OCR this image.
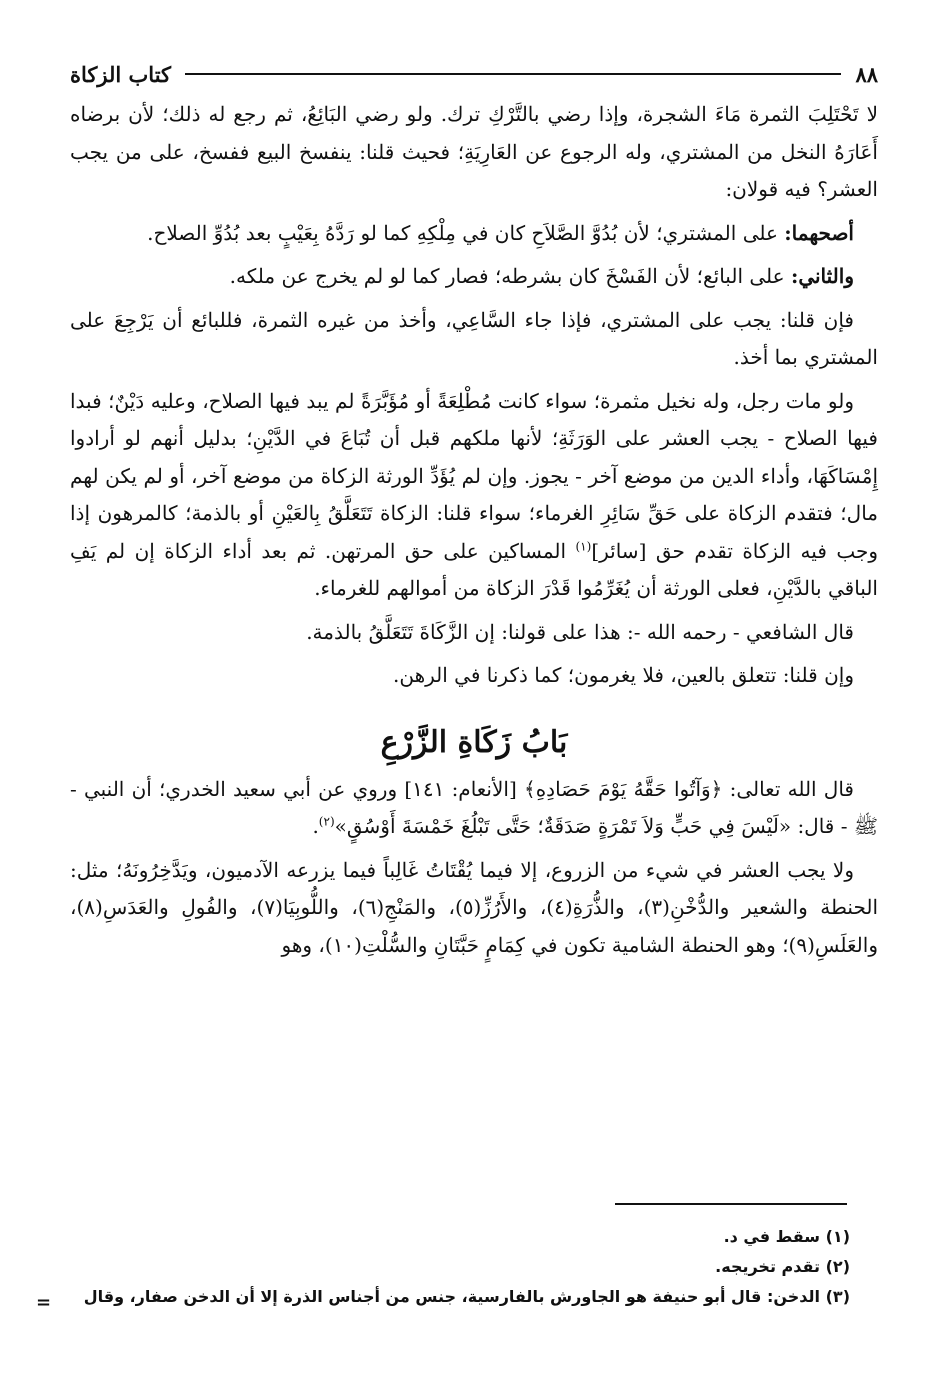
٨٨
كتاب الزكاة

لا تَحْتَلِبَ الثمرة مَاءَ الشجرة، وإذا رضي بالتَّرْكِ ترك. ولو رضي البَائِعُ، ثم رجع له ذلك؛ لأن برضاه أَعَارَهُ النخل من المشتري، وله الرجوع عن العَارِيَةِ؛ فحيث قلنا: ينفسخ البيع ففسخ، على من يجب العشر؟ فيه قولان:

أصحهما: على المشتري؛ لأن بُدُوَّ الصَّلاَحِ كان في مِلْكِهِ كما لو رَدَّهُ بِعَيْبٍ بعد بُدُوِّ الصلاح.

والثاني: على البائع؛ لأن الفَسْخَ كان بشرطه؛ فصار كما لو لم يخرج عن ملكه.

فإن قلنا: يجب على المشتري، فإذا جاء السَّاعِي، وأخذ من غيره الثمرة، فللبائع أن يَرْجِعَ على المشتري بما أخذ.

ولو مات رجل، وله نخيل مثمرة؛ سواء كانت مُطْلِعَةً أو مُؤَبَّرَةً لم يبد فيها الصلاح، وعليه دَيْنٌ؛ فبدا فيها الصلاح - يجب العشر على الوَرَثَةِ؛ لأنها ملكهم قبل أن تُبَاعَ في الدَّيْنِ؛ بدليل أنهم لو أرادوا إِمْسَاكَهَا، وأداء الدين من موضع آخر - يجوز. وإن لم يُؤَدِّ الورثة الزكاة من موضع آخر، أو لم يكن لهم مال؛ فتقدم الزكاة على حَقِّ سَائِرِ الغرماء؛ سواء قلنا: الزكاة تَتَعَلَّقُ بِالعَيْنِ أو بالذمة؛ كالمرهون إذا وجب فيه الزكاة تقدم حق [سائر]$^{(١)}$ المساكين على حق المرتهن. ثم بعد أداء الزكاة إن لم يَفِ الباقي بالدَّيْنِ، فعلى الورثة أن يُغَرِّمُوا قَدْرَ الزكاة من أموالهم للغرماء.

قال الشافعي - رحمه الله -: هذا على قولنا: إن الزَّكَاةَ تَتَعَلَّقُ بالذمة.

وإن قلنا: تتعلق بالعين، فلا يغرمون؛ كما ذكرنا في الرهن.

بَابُ زَكَاةِ الزَّرْعِ

قال الله تعالى: ﴿وَآتُوا حَقَّهُ يَوْمَ حَصَادِهِ﴾ [الأنعام: ١٤١] وروي عن أبي سعيد الخدري؛ أن النبي - ﷺ - قال: «لَيْسَ فِي حَبٍّ وَلاَ تَمْرَةٍ صَدَقَةٌ؛ حَتَّى تَبْلُغَ خَمْسَةَ أَوْسُقٍ»$^{(٢)}$.

ولا يجب العشر في شيء من الزروع، إلا فيما يُقْتَاتُ غَالِباً فيما يزرعه الآدميون، ويَدَّخِرُونَهُ؛ مثل: الحنطة والشعير والدُّخْنِ(٣)، والذُّرَةِ(٤)، والأَرُزِّ(٥)، والمَنْجِ(٦)، واللُّوبِيَا(٧)، والفُولِ والعَدَسِ(٨)، والعَلَسِ(٩)؛ وهو الحنطة الشامية تكون في كِمَامٍ حَبَّتَانِ والسُّلْتِ(١٠)، وهو

(١) سقط في د.
(٢) تقدم تخريجه.
(٣) الدخن: قال أبو حنيفة هو الجاورش بالفارسية، جنس من أجناس الذرة إلا أن الدخن صفار، وقال
=
